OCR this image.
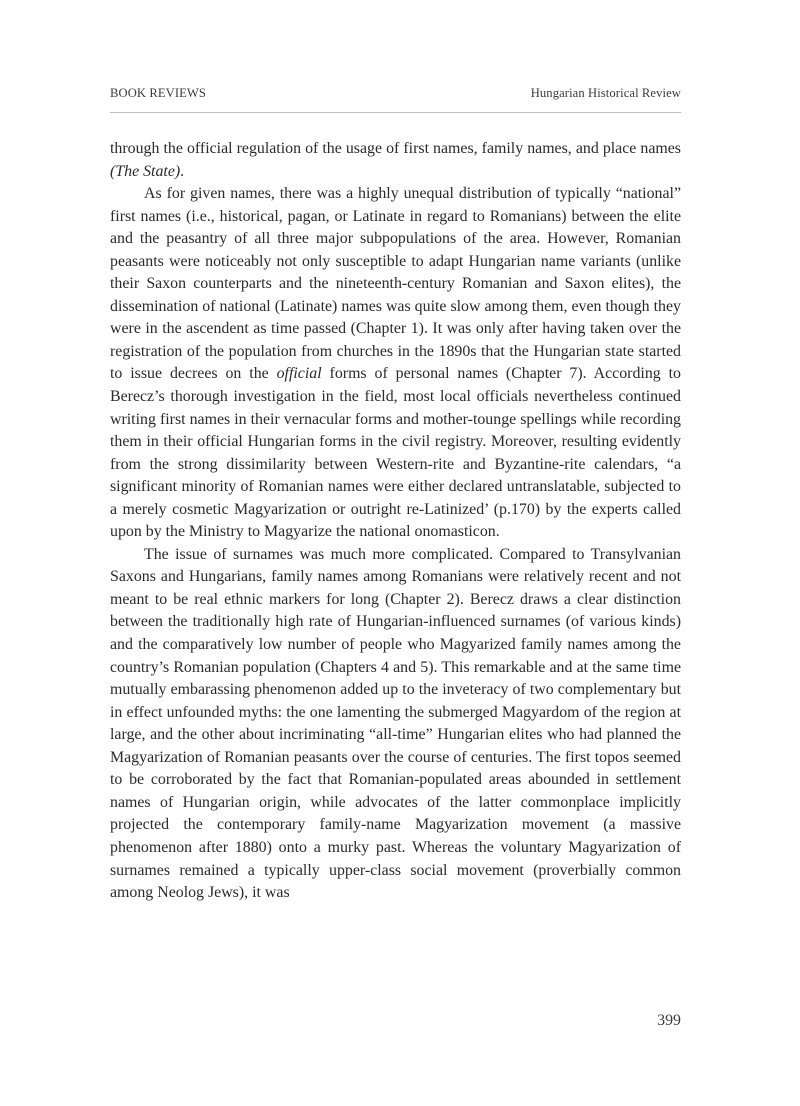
BOOK REVIEWS	Hungarian Historical Review

through the official regulation of the usage of first names, family names, and place names (The State).

As for given names, there was a highly unequal distribution of typically “national” first names (i.e., historical, pagan, or Latinate in regard to Romanians) between the elite and the peasantry of all three major subpopulations of the area. However, Romanian peasants were noticeably not only susceptible to adapt Hungarian name variants (unlike their Saxon counterparts and the nineteenth-century Romanian and Saxon elites), the dissemination of national (Latinate) names was quite slow among them, even though they were in the ascendent as time passed (Chapter 1). It was only after having taken over the registration of the population from churches in the 1890s that the Hungarian state started to issue decrees on the official forms of personal names (Chapter 7). According to Berecz’s thorough investigation in the field, most local officials nevertheless continued writing first names in their vernacular forms and mother-tounge spellings while recording them in their official Hungarian forms in the civil registry. Moreover, resulting evidently from the strong dissimilarity between Western-rite and Byzantine-rite calendars, “a significant minority of Romanian names were either declared untranslatable, subjected to a merely cosmetic Magyarization or outright re-Latinized’ (p.170) by the experts called upon by the Ministry to Magyarize the national onomasticon.

The issue of surnames was much more complicated. Compared to Transylvanian Saxons and Hungarians, family names among Romanians were relatively recent and not meant to be real ethnic markers for long (Chapter 2). Berecz draws a clear distinction between the traditionally high rate of Hungarian-influenced surnames (of various kinds) and the comparatively low number of people who Magyarized family names among the country’s Romanian population (Chapters 4 and 5). This remarkable and at the same time mutually embarassing phenomenon added up to the inveteracy of two complementary but in effect unfounded myths: the one lamenting the submerged Magyardom of the region at large, and the other about incriminating “all-time” Hungarian elites who had planned the Magyarization of Romanian peasants over the course of centuries. The first topos seemed to be corroborated by the fact that Romanian-populated areas abounded in settlement names of Hungarian origin, while advocates of the latter commonplace implicitly projected the contemporary family-name Magyarization movement (a massive phenomenon after 1880) onto a murky past. Whereas the voluntary Magyarization of surnames remained a typically upper-class social movement (proverbially common among Neolog Jews), it was

399
